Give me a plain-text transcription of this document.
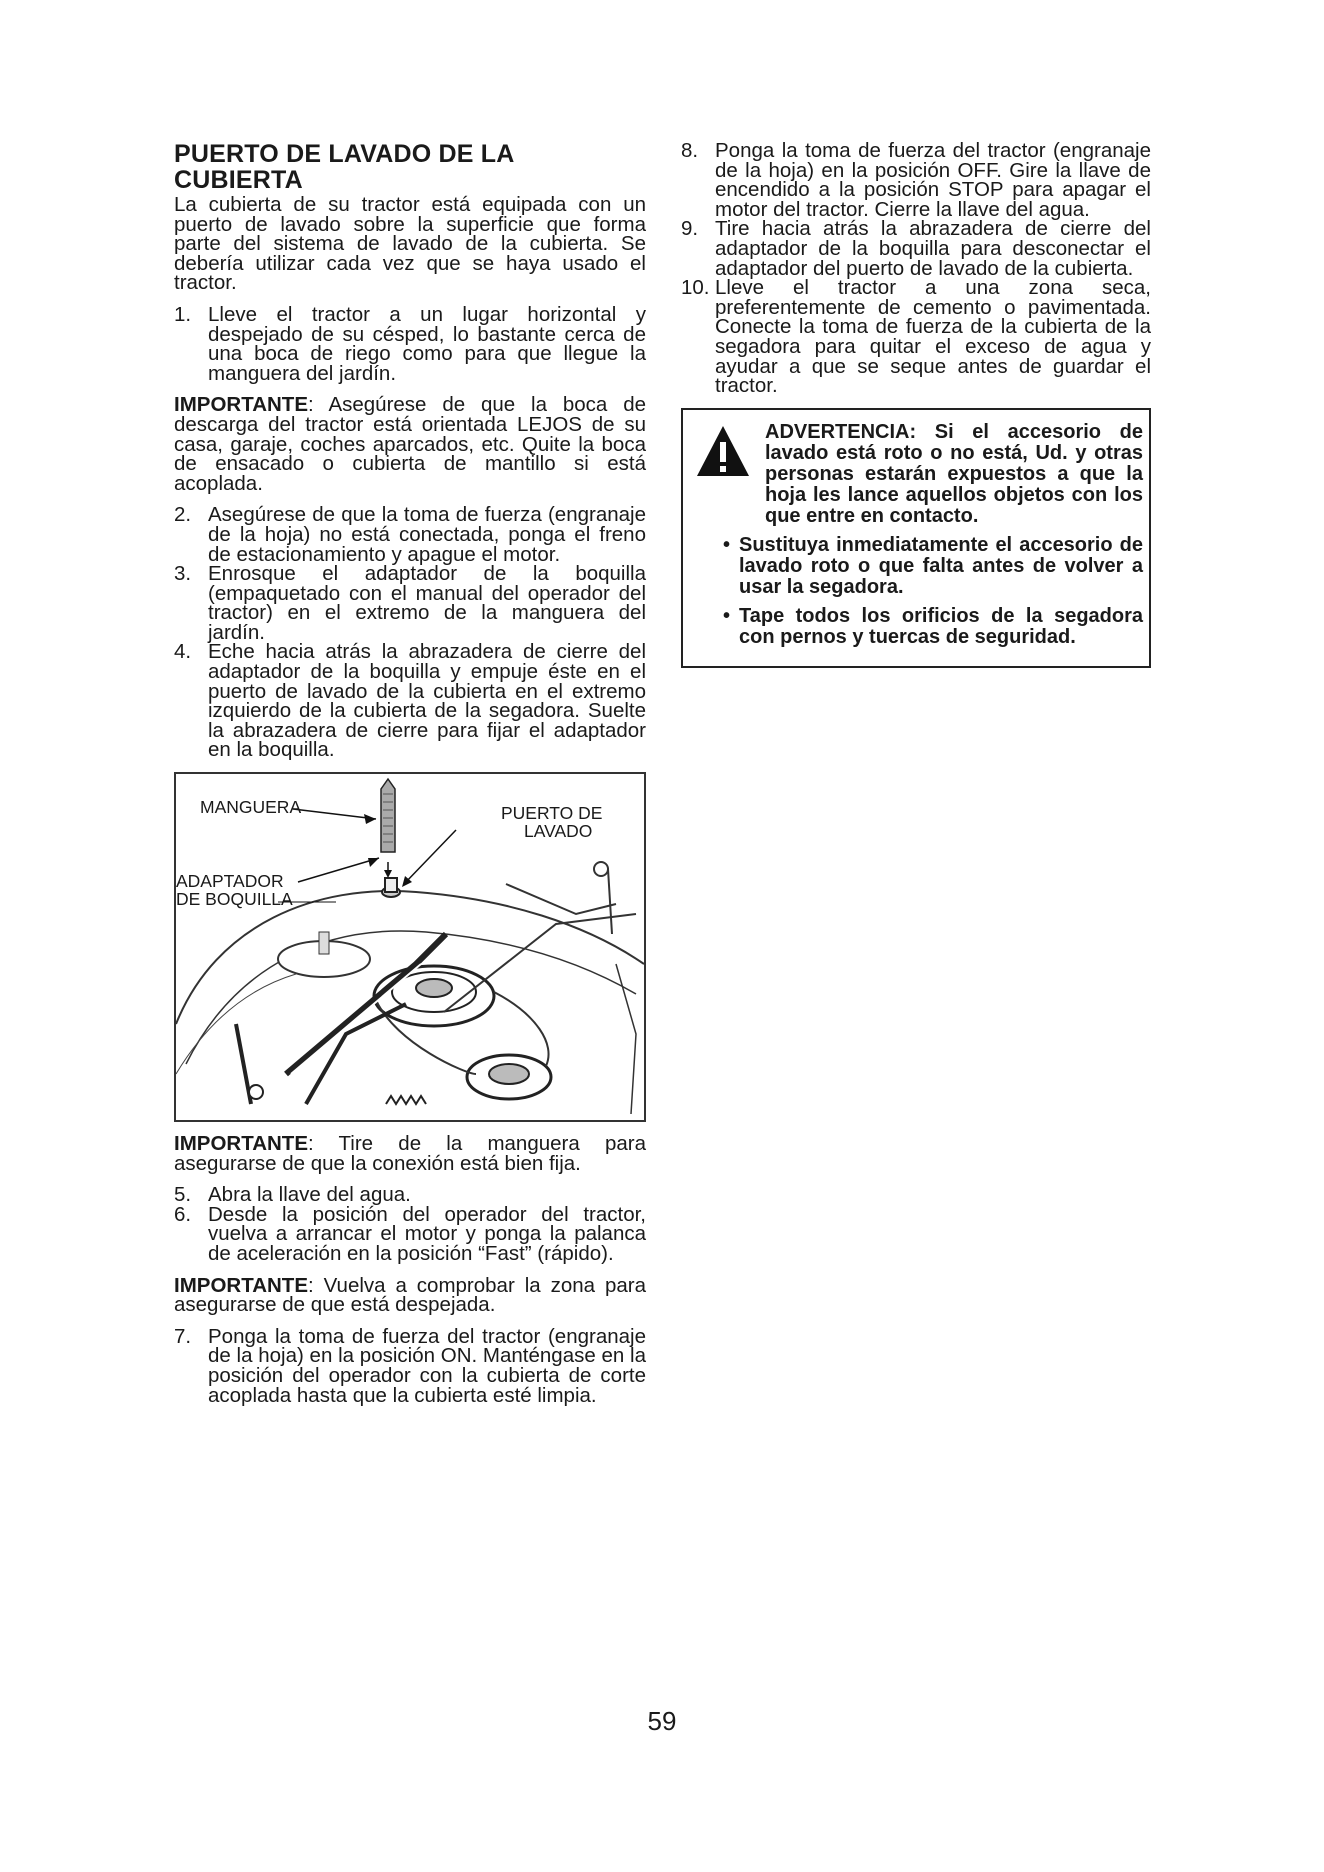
PUERTO DE LAVADO DE LA CUBIERTA

La cubierta de su tractor está equipada con un puerto de lavado sobre la superficie que forma parte del sistema de lavado de la cubierta. Se debería utilizar cada vez que se haya usado el tractor.

1. Lleve el tractor a un lugar horizontal y despejado de su césped, lo bastante cerca de una boca de riego como para que llegue la manguera del jardín.

IMPORTANTE: Asegúrese de que la boca de descarga del tractor está orientada LEJOS de su casa, garaje, coches aparcados, etc. Quite la boca de ensacado o cubierta de mantillo si está acoplada.

2. Asegúrese de que la toma de fuerza (engranaje de la hoja) no está conectada, ponga el freno de estacionamiento y apague el motor.
3. Enrosque el adaptador de la boquilla (empaquetado con el manual del operador del tractor) en el extremo de la manguera del jardín.
4. Eche hacia atrás la abrazadera de cierre del adaptador de la boquilla y empuje éste en el puerto de lavado de la cubierta en el extremo izquierdo de la cubierta de la segadora. Suelte la abrazadera de cierre para fijar el adaptador en la boquilla.
MANGUERA	PUERTO DE
LAVADO
ADAPTADOR
DE BOQUILLA

IMPORTANTE: Tire de la manguera para asegurarse de que la conexión está bien fija.

5. Abra la llave del agua.
6. Desde la posición del operador del tractor, vuelva a arrancar el motor y ponga la palanca de aceleración en la posición “Fast” (rápido).

IMPORTANTE: Vuelva a comprobar la zona para asegurarse de que está despejada.

7. Ponga la toma de fuerza del tractor (engranaje de la hoja) en la posición ON. Manténgase en la posición del operador con la cubierta de corte acoplada hasta que la cubierta esté limpia.
8. Ponga la toma de fuerza del tractor (engranaje de la hoja) en la posición OFF. Gire la llave de encendido a la posición STOP para apagar el motor del tractor. Cierre la llave del agua.
9. Tire hacia atrás la abrazadera de cierre del adaptador de la boquilla para desconectar el adaptador del puerto de lavado de la cubierta.
10. Lleve el tractor a una zona seca, preferentemente de cemento o pavimentada. Conecte la toma de fuerza de la cubierta de la segadora para quitar el exceso de agua y ayudar a que se seque antes de guardar el tractor.
ADVERTENCIA: Si el accesorio de lavado está roto o no está, Ud. y otras personas estarán expuestos a que la hoja les lance aquellos objetos con los que entre en contacto.
• Sustituya inmediatamente el accesorio de lavado roto o que falta antes de volver a usar la segadora.
• Tape todos los orificios de la segadora con pernos y tuercas de seguridad.
59
